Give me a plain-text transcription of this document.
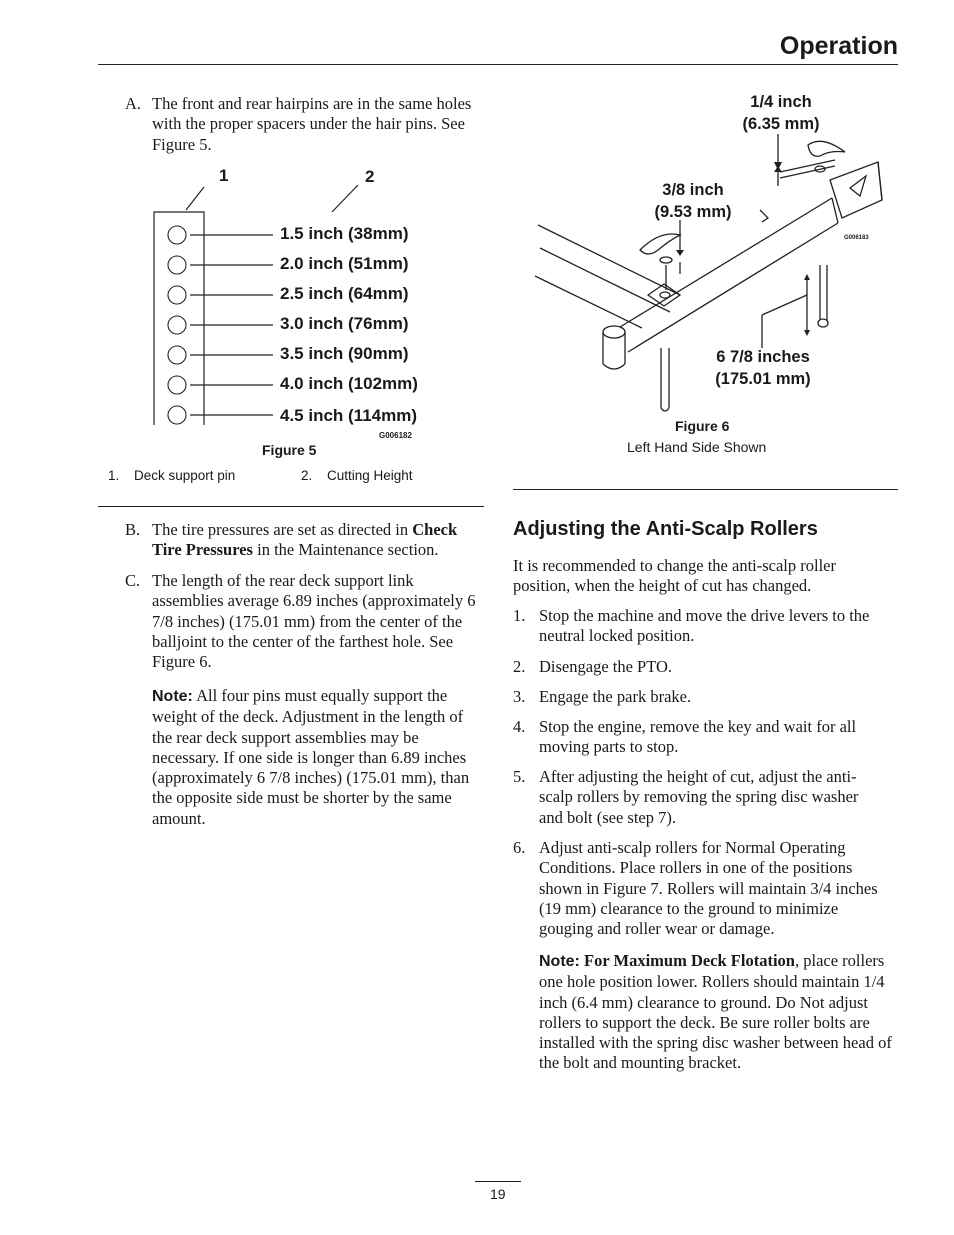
Operation
A. The front and rear hairpins are in the same holes with the proper spacers under the hair pins. See Figure 5.
1	2
1.5 inch (38mm)
2.0 inch (51mm)
2.5 inch (64mm)
3.0 inch (76mm)
3.5 inch (90mm)
4.0 inch (102mm)
4.5 inch (114mm)
G006182
Figure 5
1. Deck support pin	2. Cutting Height
B. The tire pressures are set as directed in Check Tire Pressures in the Maintenance section.
C. The length of the rear deck support link assemblies average 6.89 inches (approximately 6 7/8 inches) (175.01 mm) from the center of the balljoint to the center of the farthest hole. See Figure 6.
Note: All four pins must equally support the weight of the deck. Adjustment in the length of the rear deck support assemblies may be necessary. If one side is longer than 6.89 inches (approximately 6 7/8 inches) (175.01 mm), than the opposite side must be shorter by the same amount.
1/4 inch
(6.35 mm)
3/8 inch
(9.53 mm)
6 7/8 inches
(175.01 mm)
G006183
Figure 6
Left Hand Side Shown
Adjusting the Anti-Scalp Rollers
It is recommended to change the anti-scalp roller position, when the height of cut has changed.
1. Stop the machine and move the drive levers to the neutral locked position.
2. Disengage the PTO.
3. Engage the park brake.
4. Stop the engine, remove the key and wait for all moving parts to stop.
5. After adjusting the height of cut, adjust the anti-scalp rollers by removing the spring disc washer and bolt (see step 7).
6. Adjust anti-scalp rollers for Normal Operating Conditions. Place rollers in one of the positions shown in Figure 7. Rollers will maintain 3/4 inches (19 mm) clearance to the ground to minimize gouging and roller wear or damage.
Note: For Maximum Deck Flotation, place rollers one hole position lower. Rollers should maintain 1/4 inch (6.4 mm) clearance to ground. Do Not adjust rollers to support the deck. Be sure roller bolts are installed with the spring disc washer between head of the bolt and mounting bracket.
19
